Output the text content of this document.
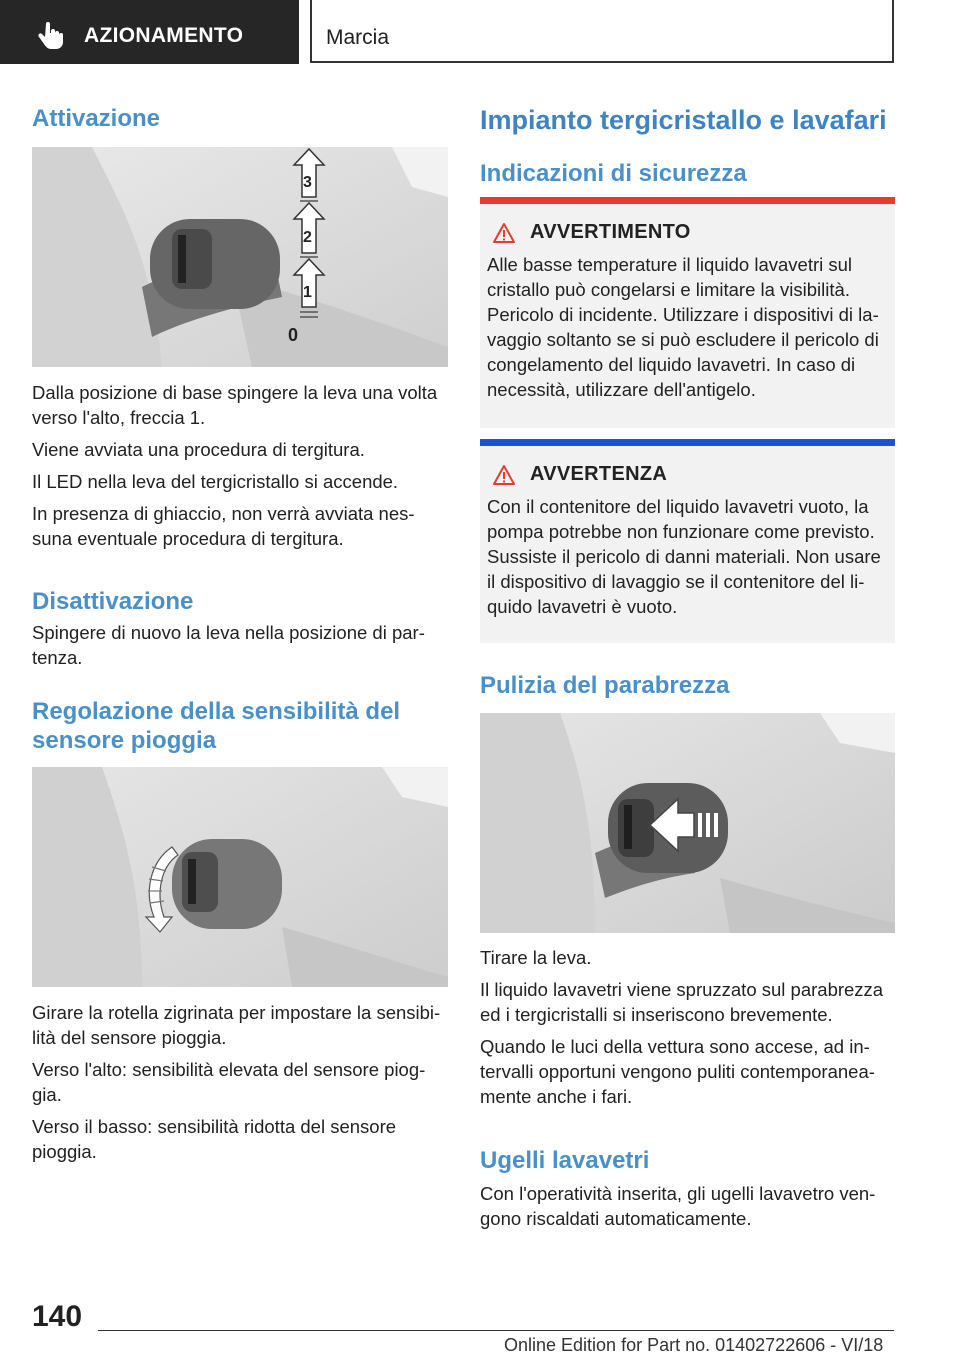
AZIONAMENTO	Marcia
Attivazione
1
2
3
0

Dalla posizione di base spingere la leva una volta verso l'alto, freccia 1.

Viene avviata una procedura di tergitura.

Il LED nella leva del tergicristallo si accende.

In presenza di ghiaccio, non verrà avviata nes-suna eventuale procedura di tergitura.

Disattivazione

Spingere di nuovo la leva nella posizione di par-tenza.

Regolazione della sensibilità del sensore pioggia

Girare la rotella zigrinata per impostare la sensibi-lità del sensore pioggia.

Verso l'alto: sensibilità elevata del sensore piog-gia.

Verso il basso: sensibilità ridotta del sensore pioggia.

Impianto tergicristallo e lavafari
Indicazioni di sicurezza
AVVERTIMENTO

Alle basse temperature il liquido lavavetri sul cristallo può congelarsi e limitare la visibilità. Pericolo di incidente. Utilizzare i dispositivi di la-vaggio soltanto se si può escludere il pericolo di congelamento del liquido lavavetri. In caso di necessità, utilizzare dell'antigelo.

AVVERTENZA

Con il contenitore del liquido lavavetri vuoto, la pompa potrebbe non funzionare come previsto. Sussiste il pericolo di danni materiali. Non usare il dispositivo di lavaggio se il contenitore del li-quido lavavetri è vuoto.

Pulizia del parabrezza

Tirare la leva.

Il liquido lavavetri viene spruzzato sul parabrezza ed i tergicristalli si inseriscono brevemente.

Quando le luci della vettura sono accese, ad in-tervalli opportuni vengono puliti contemporanea-mente anche i fari.

Ugelli lavavetri

Con l'operatività inserita, gli ugelli lavavetro ven-gono riscaldati automaticamente.

140
Online Edition for Part no. 01402722606 - VI/18
